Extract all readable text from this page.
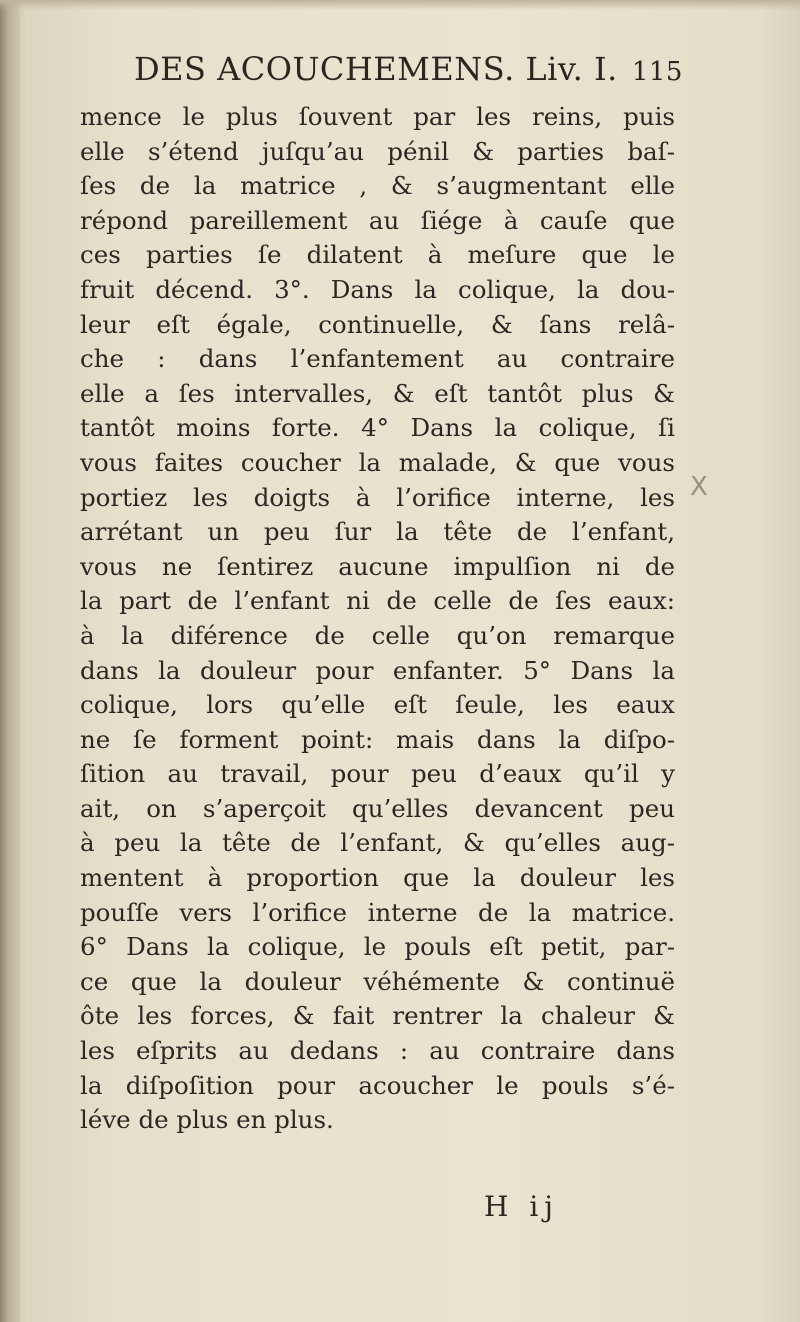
DES ACOUCHEMENS. Liv. I. 115
mence le plus ſouvent par les reins, puis
elle s’étend juſqu’au pénil & parties baſ-
ſes de la matrice , & s’augmentant elle
répond pareillement au ſiége à cauſe que
ces parties ſe dilatent à meſure que le
fruit décend. 3°. Dans la colique, la dou-
leur eſt égale, continuelle, & ſans relâ-
che : dans l’enfantement au contraire
elle a ſes intervalles, & eſt tantôt plus &
tantôt moins forte. 4° Dans la colique, ſi
vous faites coucher la malade, & que vous
portiez les doigts à l’orifice interne, les
arrétant un peu ſur la tête de l’enfant,
vous ne ſentirez aucune impulſion ni de
la part de l’enfant ni de celle de ſes eaux:
à la diférence de celle qu’on remarque
dans la douleur pour enfanter. 5° Dans la
colique, lors qu’elle eſt ſeule, les eaux
ne ſe forment point: mais dans la diſpo-
ſition au travail, pour peu d’eaux qu’il y
ait, on s’aperçoit qu’elles devancent peu
à peu la tête de l’enfant, & qu’elles aug-
mentent à proportion que la douleur les
pouſſe vers l’orifice interne de la matrice.
6° Dans la colique, le pouls eſt petit, par-
ce que la douleur véhémente & continuë
ôte les forces, & fait rentrer la chaleur &
les eſprits au dedans : au contraire dans
la diſpoſition pour acoucher le pouls s’é-
léve de plus en plus.
X
H ij
